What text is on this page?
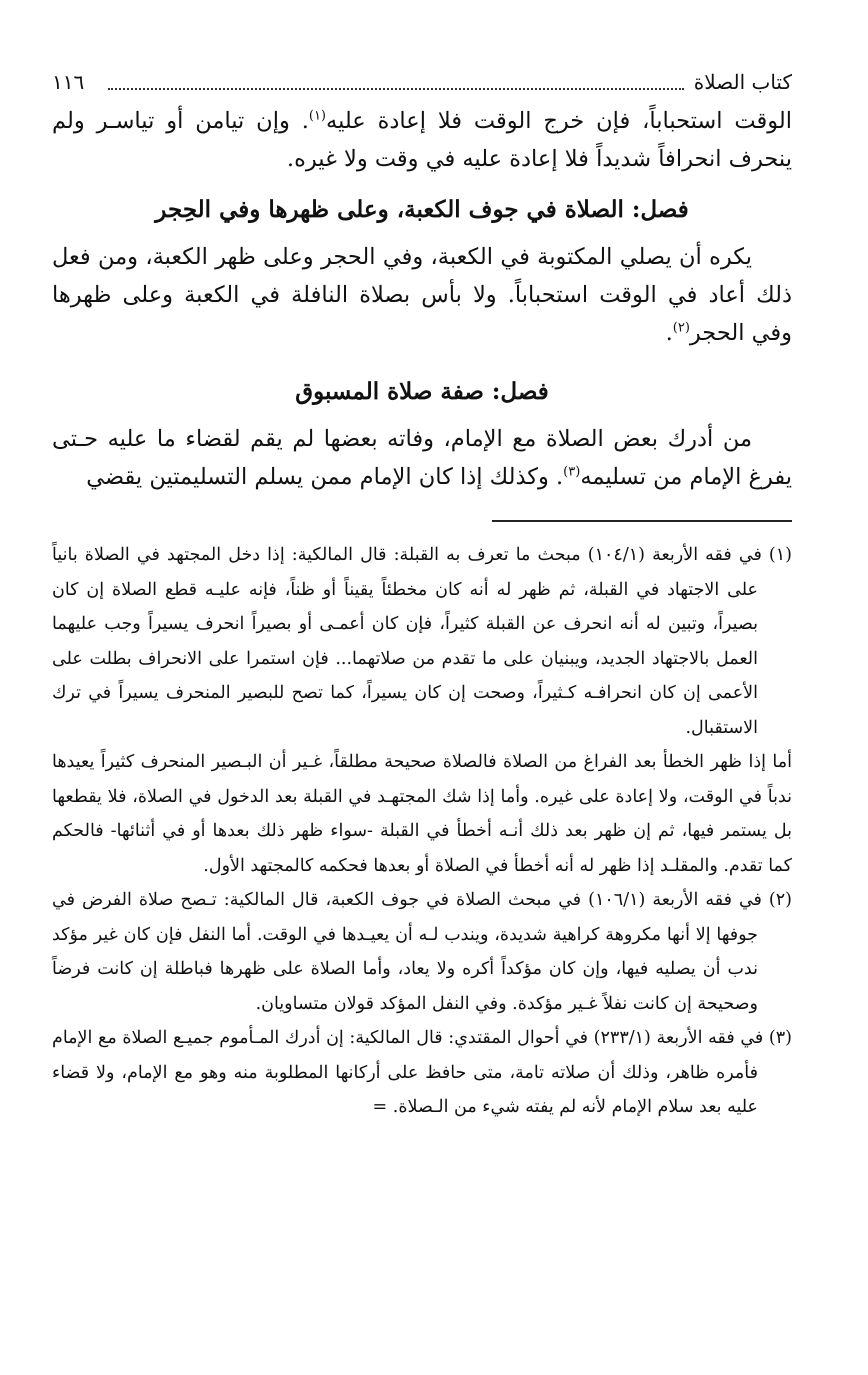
كتاب الصلاة
١١٦

الوقت استحباباً، فإن خرج الوقت فلا إعادة عليه$^{(١)}$. وإن تيامن أو تياسـر ولم ينحرف انحرافاً شديداً فلا إعادة عليه في وقت ولا غيره.

فصل: الصلاة في جوف الكعبة، وعلى ظهرها وفي الحِجر

يكره أن يصلي المكتوبة في الكعبة، وفي الحجر وعلى ظهر الكعبة، ومن فعل ذلك أعاد في الوقت استحباباً. ولا بأس بصلاة النافلة في الكعبة وعلى ظهرها وفي الحجر$^{(٢)}$.

فصل: صفة صلاة المسبوق

من أدرك بعض الصلاة مع الإمام، وفاته بعضها لم يقم لقضاء ما عليه حـتى يفرغ الإمام من تسليمه$^{(٣)}$. وكذلك إذا كان الإمام ممن يسلم التسليمتين يقضي

(١) في فقه الأربعة (١٠٤/١) مبحث ما تعرف به القبلة: قال المالكية: إذا دخل المجتهد في الصلاة بانياً على الاجتهاد في القبلة، ثم ظهر له أنه كان مخطئاً يقيناً أو ظناً، فإنه عليـه قطع الصلاة إن كان بصيراً، وتبين له أنه انحرف عن القبلة كثيراً، فإن كان أعمـى أو بصيراً انحرف يسيراً وجب عليهما العمل بالاجتهاد الجديد، ويبنيان على ما تقدم من صلاتهما... فإن استمرا على الانحراف بطلت على الأعمى إن كان انحرافـه كـثيراً، وصحت إن كان يسيراً، كما تصح للبصير المنحرف يسيراً في ترك الاستقبال.

أما إذا ظهر الخطأ بعد الفراغ من الصلاة فالصلاة صحيحة مطلقاً، غـير أن البـصير المنحرف كثيراً يعيدها ندباً في الوقت، ولا إعادة على غيره. وأما إذا شك المجتهـد في القبلة بعد الدخول في الصلاة، فلا يقطعها بل يستمر فيها، ثم إن ظهر بعد ذلك أنـه أخطأ في القبلة -سواء ظهر ذلك بعدها أو في أثنائها- فالحكم كما تقدم. والمقلـد إذا ظهر له أنه أخطأ في الصلاة أو بعدها فحكمه كالمجتهد الأول.

(٢) في فقه الأربعة (١٠٦/١) في مبحث الصلاة في جوف الكعبة، قال المالكية: تـصح صلاة الفرض في جوفها إلا أنها مكروهة كراهية شديدة، ويندب لـه أن يعيـدها في الوقت. أما النفل فإن كان غير مؤكد ندب أن يصليه فيها، وإن كان مؤكداً أكره ولا يعاد، وأما الصلاة على ظهرها فباطلة إن كانت فرضاً وصحيحة إن كانت نفلاً غـير مؤكدة. وفي النفل المؤكد قولان متساويان.

(٣) في فقه الأربعة (٢٣٣/١) في أحوال المقتدي: قال المالكية: إن أدرك المـأموم جميـع الصلاة مع الإمام فأمره ظاهر، وذلك أن صلاته تامة، متى حافظ على أركانها المطلوبة منه وهو مع الإمام، ولا قضاء عليه بعد سلام الإمام لأنه لم يفته شيء من الـصلاة. =
